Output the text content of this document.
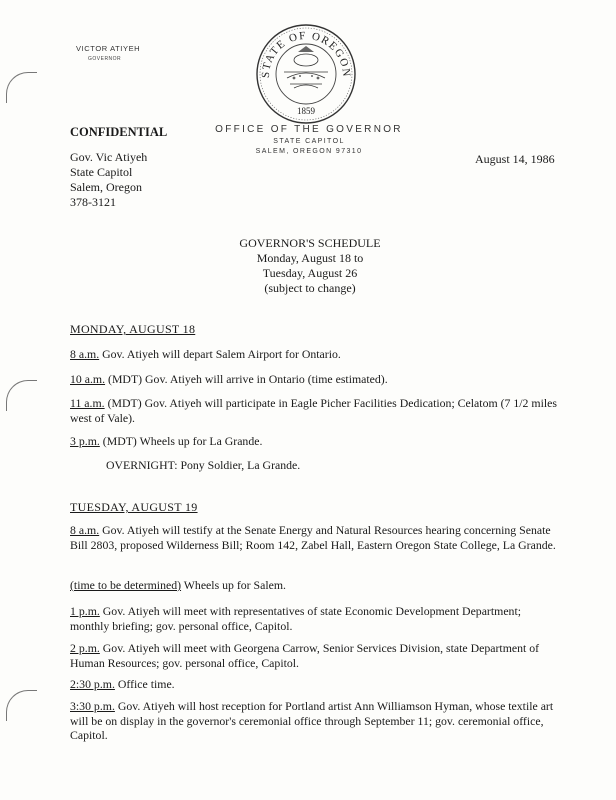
VICTOR ATIYEH
GOVERNOR
STATE OF OREGON
1859
OFFICE OF THE GOVERNOR
STATE CAPITOL
SALEM, OREGON 97310
CONFIDENTIAL
Gov. Vic Atiyeh
State Capitol
Salem, Oregon
378-3121
August 14, 1986
GOVERNOR'S SCHEDULE
Monday, August 18 to
Tuesday, August 26
(subject to change)
MONDAY, AUGUST 18
8 a.m. Gov. Atiyeh will depart Salem Airport for Ontario.
10 a.m. (MDT) Gov. Atiyeh will arrive in Ontario (time estimated).
11 a.m. (MDT) Gov. Atiyeh will participate in Eagle Picher Facilities Dedication; Celatom (7 1/2 miles west of Vale).
3 p.m. (MDT) Wheels up for La Grande.
OVERNIGHT: Pony Soldier, La Grande.
TUESDAY, AUGUST 19
8 a.m. Gov. Atiyeh will testify at the Senate Energy and Natural Resources hearing concerning Senate Bill 2803, proposed Wilderness Bill; Room 142, Zabel Hall, Eastern Oregon State College, La Grande.
(time to be determined) Wheels up for Salem.
1 p.m. Gov. Atiyeh will meet with representatives of state Economic Development Department; monthly briefing; gov. personal office, Capitol.
2 p.m. Gov. Atiyeh will meet with Georgena Carrow, Senior Services Division, state Department of Human Resources; gov. personal office, Capitol.
2:30 p.m. Office time.
3:30 p.m. Gov. Atiyeh will host reception for Portland artist Ann Williamson Hyman, whose textile art will be on display in the governor's ceremonial office through September 11; gov. ceremonial office, Capitol.
